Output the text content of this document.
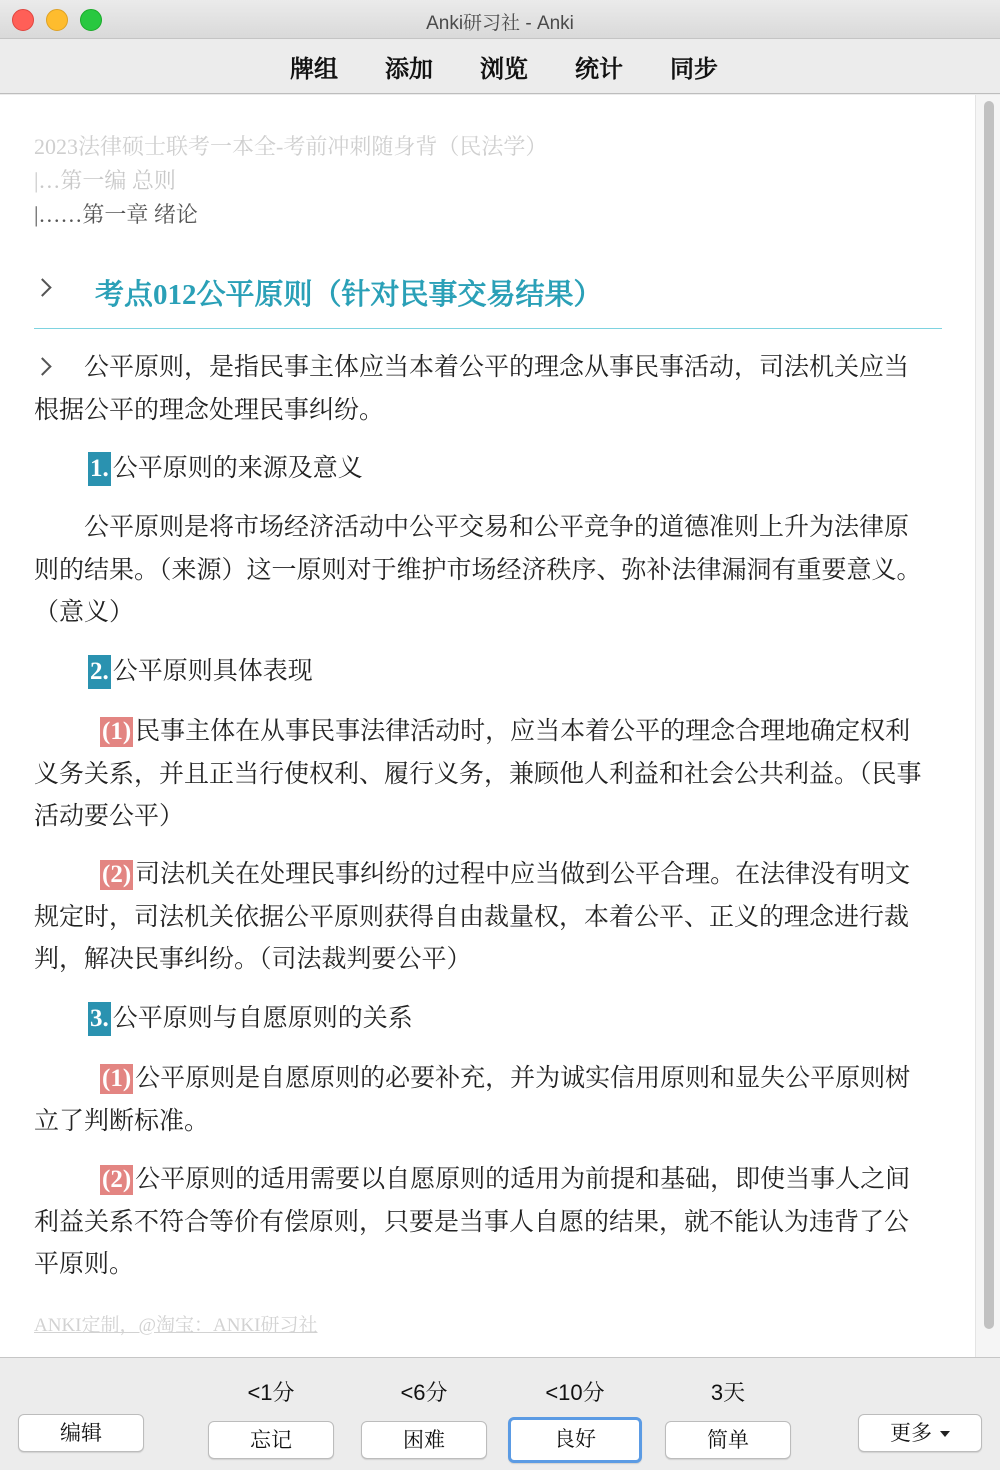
Anki研习社 - Anki
牌组 添加 浏览 统计 同步
2023法律硕士联考一本全-考前冲刺随身背（民法学）
|…第一编 总则
|……第一章 绪论
考点012公平原则（针对民事交易结果）

公平原则，是指民事主体应当本着公平的理念从事民事活动，司法机关应当根据公平的理念处理民事纠纷。

1. 公平原则的来源及意义

公平原则是将市场经济活动中公平交易和公平竞争的道德准则上升为法律原则的结果。（来源）这一原则对于维护市场经济秩序、弥补法律漏洞有重要意义。（意义）

2. 公平原则具体表现

(1) 民事主体在从事民事法律活动时，应当本着公平的理念合理地确定权利义务关系，并且正当行使权利、履行义务，兼顾他人利益和社会公共利益。（民事活动要公平）

(2) 司法机关在处理民事纠纷的过程中应当做到公平合理。在法律没有明文规定时，司法机关依据公平原则获得自由裁量权，本着公平、正义的理念进行裁判，解决民事纠纷。（司法裁判要公平）

3. 公平原则与自愿原则的关系

(1) 公平原则是自愿原则的必要补充，并为诚实信用原则和显失公平原则树立了判断标准。

(2) 公平原则的适用需要以自愿原则的适用为前提和基础，即使当事人之间利益关系不符合等价有偿原则，只要是当事人自愿的结果，就不能认为违背了公平原则。

ANKI定制，@淘宝：ANKI研习社
<1分	<6分	<10分	3天
编辑	忘记	困难	良好	简单	更多
